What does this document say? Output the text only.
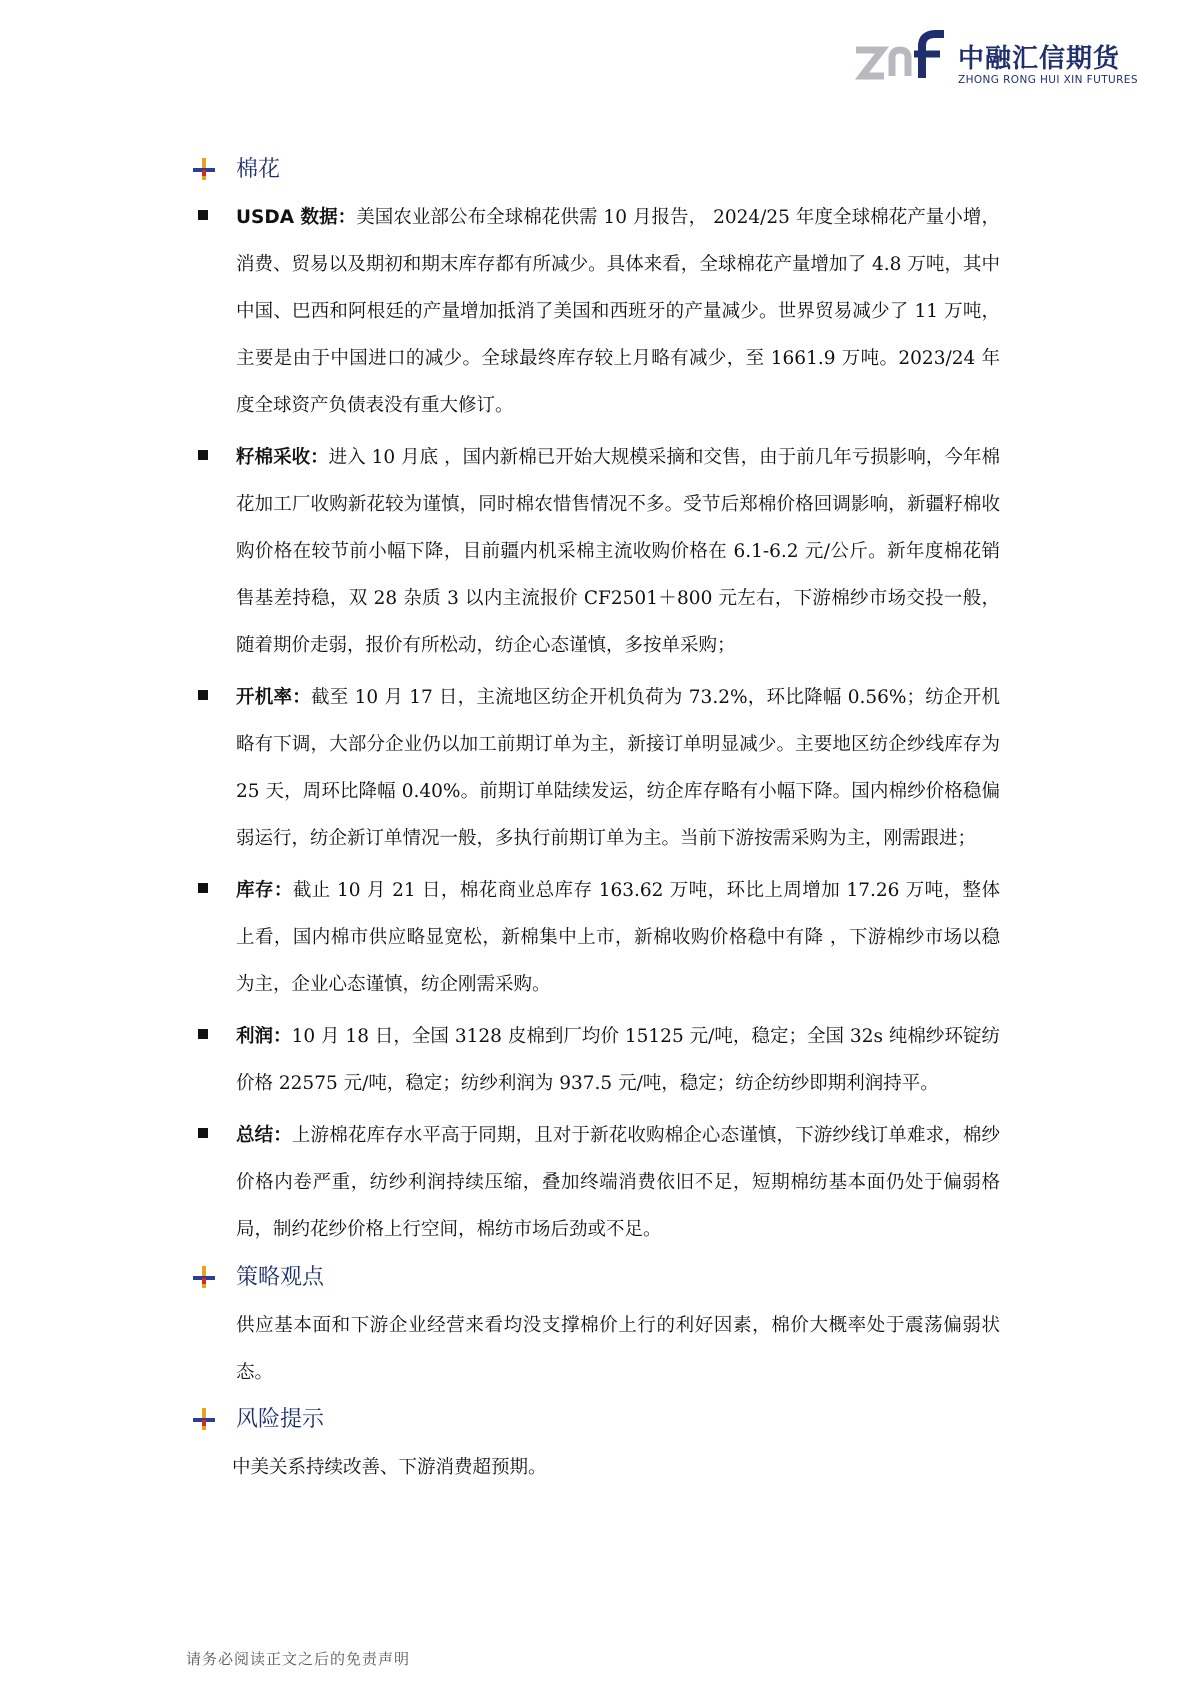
中融汇信期货
ZHONG RONG HUI XIN FUTURES
棉花

USDA 数据：美国农业部公布全球棉花供需 10 月报告， 2024/25 年度全球棉花产量小增，消费、贸易以及期初和期末库存都有所减少。具体来看，全球棉花产量增加了 4.8 万吨，其中中国、巴西和阿根廷的产量增加抵消了美国和西班牙的产量减少。世界贸易减少了 11 万吨，主要是由于中国进口的减少。全球最终库存较上月略有减少，至 1661.9 万吨。2023/24 年度全球资产负债表没有重大修订。

籽棉采收：进入 10 月底 ，国内新棉已开始大规模采摘和交售，由于前几年亏损影响，今年棉花加工厂收购新花较为谨慎，同时棉农惜售情况不多。受节后郑棉价格回调影响，新疆籽棉收购价格在较节前小幅下降，目前疆内机采棉主流收购价格在 6.1-6.2 元/公斤。新年度棉花销售基差持稳，双 28 杂质 3 以内主流报价 CF2501＋800 元左右，下游棉纱市场交投一般，随着期价走弱，报价有所松动，纺企心态谨慎，多按单采购；

开机率：截至 10 月 17 日，主流地区纺企开机负荷为 73.2%，环比降幅 0.56%；纺企开机略有下调，大部分企业仍以加工前期订单为主，新接订单明显减少。主要地区纺企纱线库存为 25 天，周环比降幅 0.40%。前期订单陆续发运，纺企库存略有小幅下降。国内棉纱价格稳偏弱运行，纺企新订单情况一般，多执行前期订单为主。当前下游按需采购为主，刚需跟进；

库存：截止 10 月 21 日，棉花商业总库存 163.62 万吨，环比上周增加 17.26 万吨，整体上看，国内棉市供应略显宽松，新棉集中上市，新棉收购价格稳中有降 ，下游棉纱市场以稳为主，企业心态谨慎，纺企刚需采购。

利润：10 月 18 日，全国 3128 皮棉到厂均价 15125 元/吨，稳定；全国 32s 纯棉纱环锭纺价格 22575 元/吨，稳定；纺纱利润为 937.5 元/吨，稳定；纺企纺纱即期利润持平。

总结：上游棉花库存水平高于同期，且对于新花收购棉企心态谨慎，下游纱线订单难求，棉纱价格内卷严重，纺纱利润持续压缩，叠加终端消费依旧不足，短期棉纺基本面仍处于偏弱格局，制约花纱价格上行空间，棉纺市场后劲或不足。

策略观点

供应基本面和下游企业经营来看均没支撑棉价上行的利好因素，棉价大概率处于震荡偏弱状态。

风险提示

中美关系持续改善、下游消费超预期。

请务必阅读正文之后的免责声明
